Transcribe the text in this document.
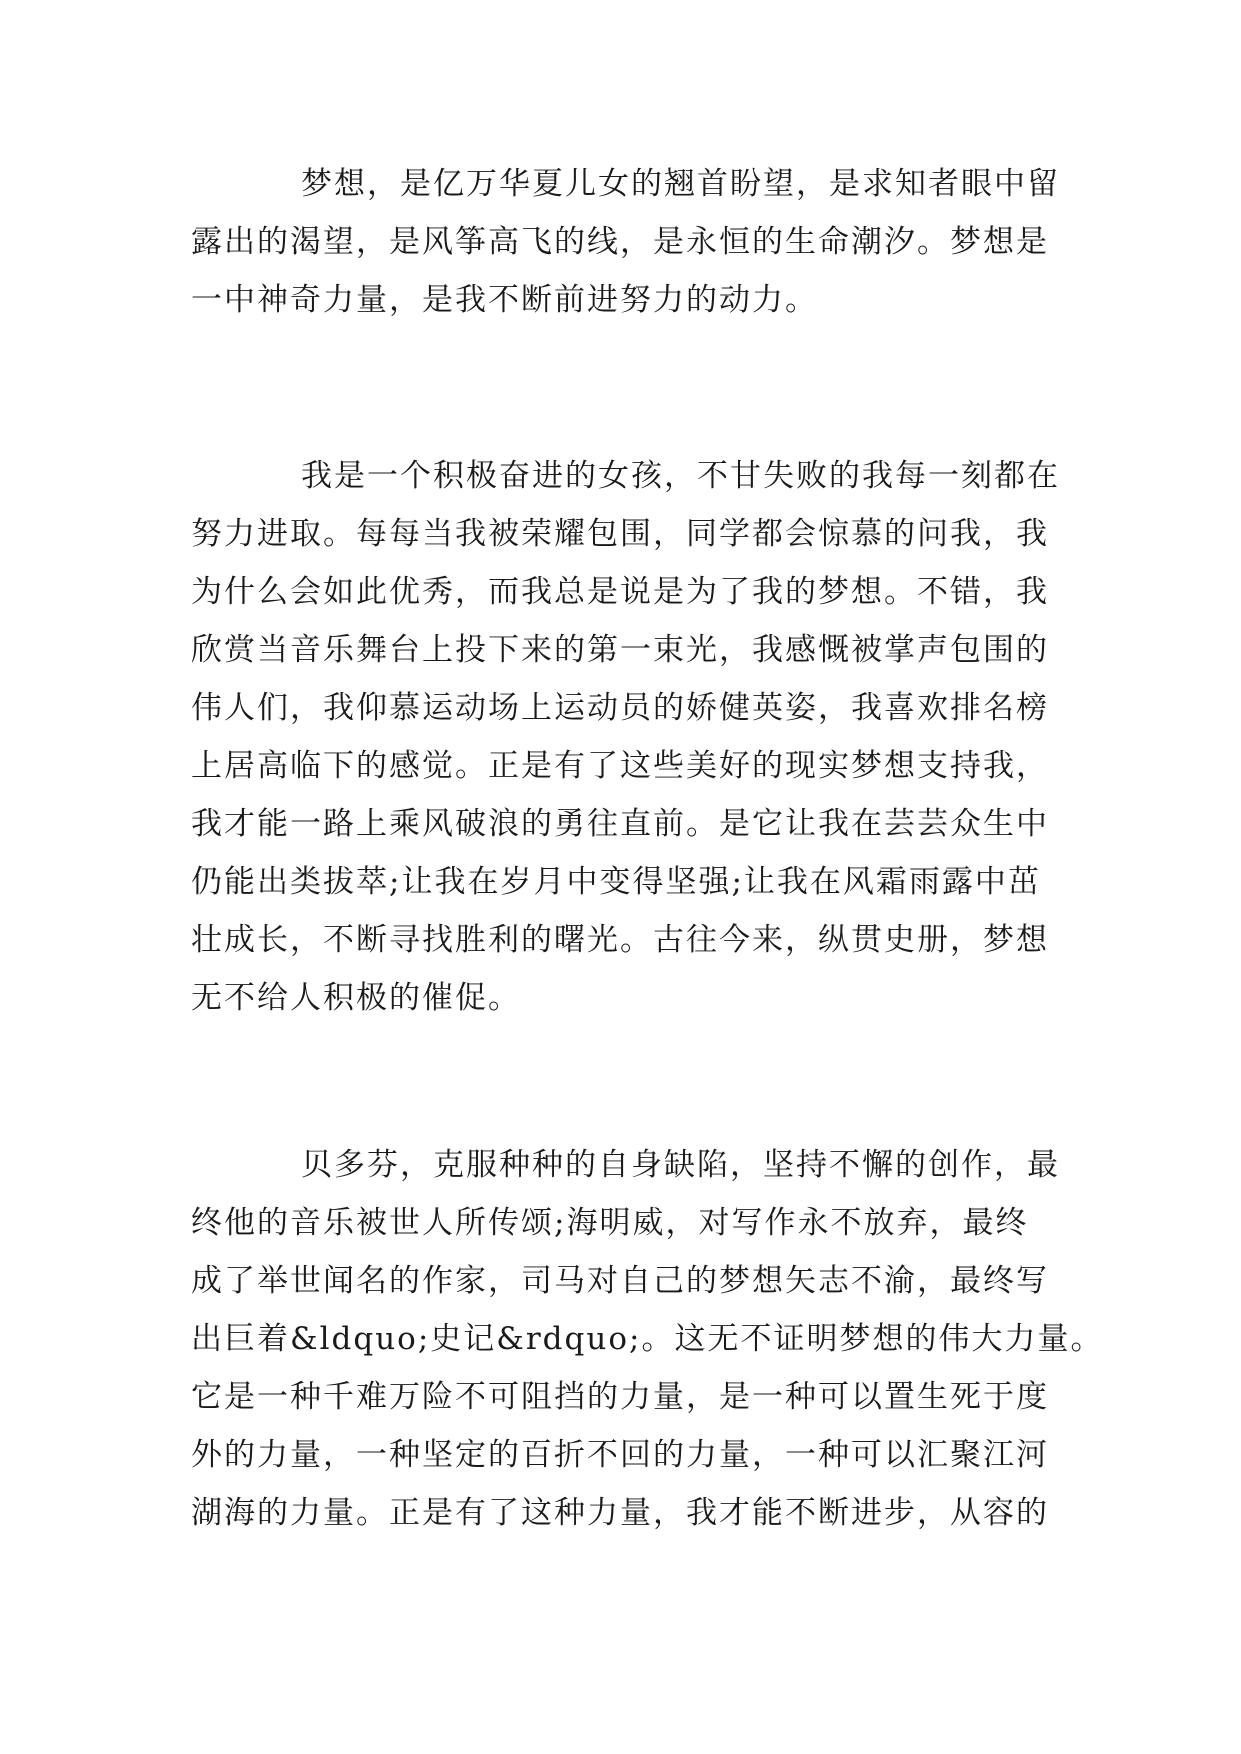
梦想，是亿万华夏儿女的翘首盼望，是求知者眼中留
露出的渴望，是风筝高飞的线，是永恒的生命潮汐。梦想是
一中神奇力量，是我不断前进努力的动力。

我是一个积极奋进的女孩，不甘失败的我每一刻都在
努力进取。每每当我被荣耀包围，同学都会惊慕的问我，我
为什么会如此优秀，而我总是说是为了我的梦想。不错，我
欣赏当音乐舞台上投下来的第一束光，我感慨被掌声包围的
伟人们，我仰慕运动场上运动员的娇健英姿，我喜欢排名榜
上居高临下的感觉。正是有了这些美好的现实梦想支持我，
我才能一路上乘风破浪的勇往直前。是它让我在芸芸众生中
仍能出类拔萃;让我在岁月中变得坚强;让我在风霜雨露中茁
壮成长，不断寻找胜利的曙光。古往今来，纵贯史册，梦想
无不给人积极的催促。

贝多芬，克服种种的自身缺陷，坚持不懈的创作，最
终他的音乐被世人所传颂;海明威，对写作永不放弃，最终
成了举世闻名的作家，司马对自己的梦想矢志不渝，最终写
出巨着&ldquo;史记&rdquo;。这无不证明梦想的伟大力量。
它是一种千难万险不可阻挡的力量，是一种可以置生死于度
外的力量，一种坚定的百折不回的力量，一种可以汇聚江河
湖海的力量。正是有了这种力量，我才能不断进步，从容的
